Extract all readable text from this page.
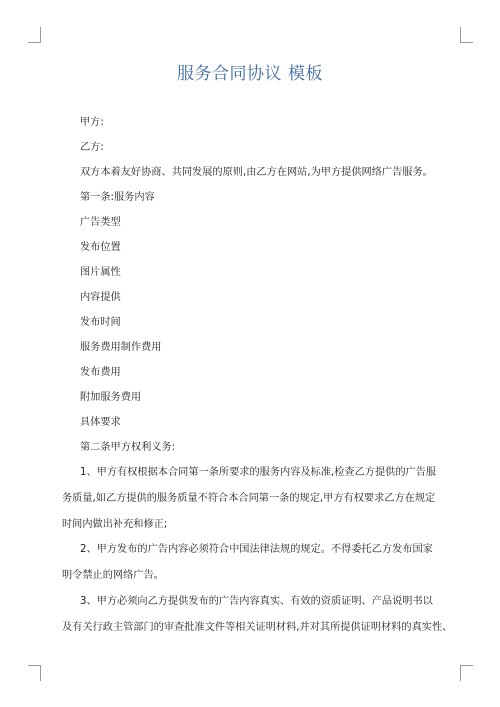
服务合同协议 模板
甲方:
乙方:
双方本着友好协商、共同发展的原则,由乙方在网站,为甲方提供网络广告服务。
第一条:服务内容
广告类型
发布位置
图片属性
内容提供
发布时间
服务费用制作费用
发布费用
附加服务费用
具体要求
第二条甲方权利义务:
1、甲方有权根据本合同第一条所要求的服务内容及标准,检查乙方提供的广告服
务质量,如乙方提供的服务质量不符合本合同第一条的规定,甲方有权要求乙方在规定
时间内做出补充和修正;
2、甲方发布的广告内容必须符合中国法律法规的规定。不得委托乙方发布国家
明令禁止的网络广告。
3、甲方必须向乙方提供发布的广告内容真实、有效的资质证明、产品说明书以
及有关行政主管部门的审查批准文件等相关证明材料,并对其所提供证明材料的真实性、
